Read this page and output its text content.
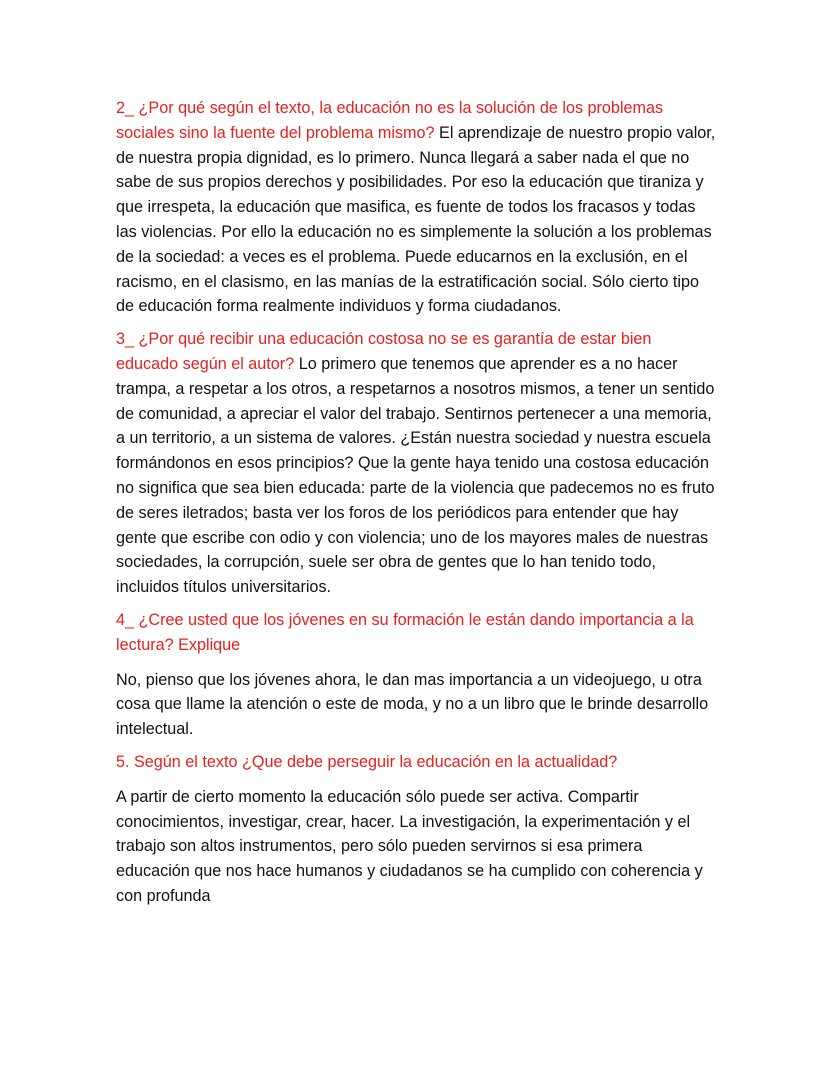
2_ ¿Por qué según el texto, la educación no es la solución de los problemas sociales sino la fuente del problema mismo? El aprendizaje de nuestro propio valor, de nuestra propia dignidad, es lo primero. Nunca llegará a saber nada el que no sabe de sus propios derechos y posibilidades. Por eso la educación que tiraniza y que irrespeta, la educación que masifica, es fuente de todos los fracasos y todas las violencias. Por ello la educación no es simplemente la solución a los problemas de la sociedad: a veces es el problema. Puede educarnos en la exclusión, en el racismo, en el clasismo, en las manías de la estratificación social. Sólo cierto tipo de educación forma realmente individuos y forma ciudadanos.

3_ ¿Por qué recibir una educación costosa no se es garantía de estar bien educado según el autor? Lo primero que tenemos que aprender es a no hacer trampa, a respetar a los otros, a respetarnos a nosotros mismos, a tener un sentido de comunidad, a apreciar el valor del trabajo. Sentirnos pertenecer a una memoria, a un territorio, a un sistema de valores. ¿Están nuestra sociedad y nuestra escuela formándonos en esos principios? Que la gente haya tenido una costosa educación no significa que sea bien educada: parte de la violencia que padecemos no es fruto de seres iletrados; basta ver los foros de los periódicos para entender que hay gente que escribe con odio y con violencia; uno de los mayores males de nuestras sociedades, la corrupción, suele ser obra de gentes que lo han tenido todo, incluidos títulos universitarios.

4_ ¿Cree usted que los jóvenes en su formación le están dando importancia a la lectura? Explique

No, pienso que los jóvenes ahora, le dan mas importancia a un videojuego, u otra cosa que llame la atención o este de moda, y no a un libro que le brinde desarrollo intelectual.

5. Según el texto ¿Que debe perseguir la educación en la actualidad?

A partir de cierto momento la educación sólo puede ser activa. Compartir conocimientos, investigar, crear, hacer. La investigación, la experimentación y el trabajo son altos instrumentos, pero sólo pueden servirnos si esa primera educación que nos hace humanos y ciudadanos se ha cumplido con coherencia y con profunda
